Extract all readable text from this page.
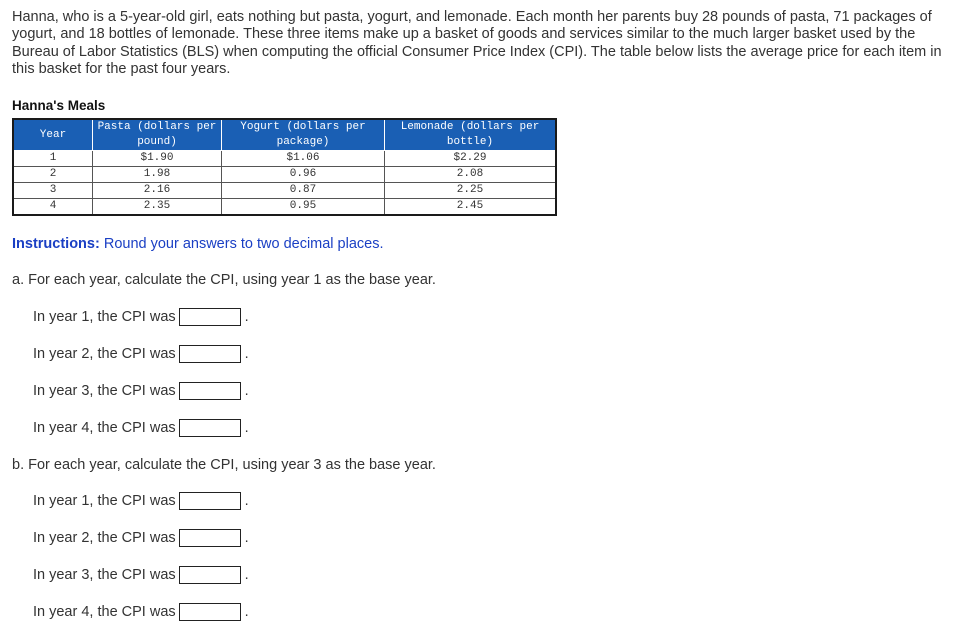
Hanna, who is a 5-year-old girl, eats nothing but pasta, yogurt, and lemonade. Each month her parents buy 28 pounds of pasta, 71 packages of yogurt, and 18 bottles of lemonade. These three items make up a basket of goods and services similar to the much larger basket used by the Bureau of Labor Statistics (BLS) when computing the official Consumer Price Index (CPI). The table below lists the average price for each item in this basket for the past four years.
Hanna's Meals
Year	Pasta (dollars per pound)	Yogurt (dollars per package)	Lemonade (dollars per bottle)
1	$1.90	$1.06	$2.29
2	1.98	0.96	2.08
3	2.16	0.87	2.25
4	2.35	0.95	2.45
Instructions: Round your answers to two decimal places.
a. For each year, calculate the CPI, using year 1 as the base year.
In year 1, the CPI was	.
In year 2, the CPI was	.
In year 3, the CPI was	.
In year 4, the CPI was	.
b. For each year, calculate the CPI, using year 3 as the base year.
In year 1, the CPI was	.
In year 2, the CPI was	.
In year 3, the CPI was	.
In year 4, the CPI was	.
